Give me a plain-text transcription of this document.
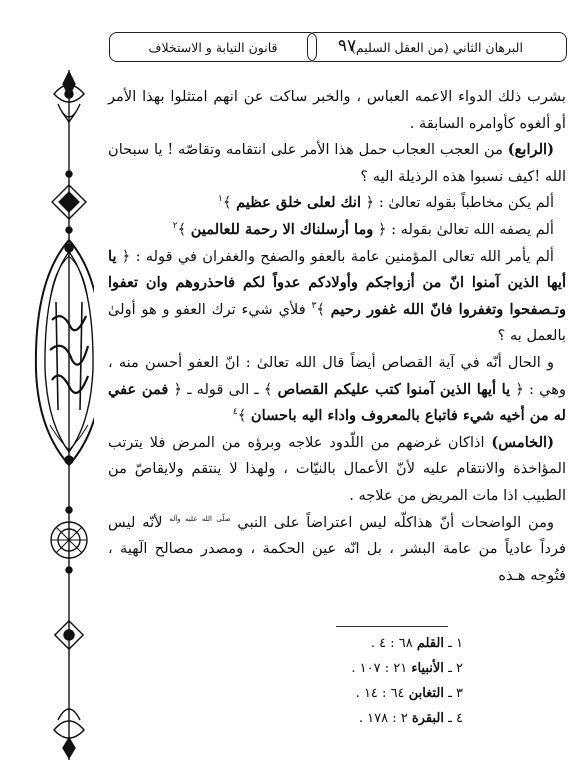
البرهان الثاني (من العقل السليم)
٩٧
قانون النيابة و الاستخلاف

بشرب ذلك الدواء الاعمه العباس ، والخبر ساكت عن انهم امتثلوا بهذا الأمر أو ألغوه كأوامره السابقة .

(الرابع) من العجب العجاب حمل هذا الأمر على انتقامه وتقاصّه ! يا سبحان الله !كيف نسبوا هذه الرذيلة اليه ؟

ألم يكن مخاطباً بقوله تعالىٰ : ﴿ انك لعلى خلق عظيم ﴾$^١$

ألم يصفه الله تعالىٰ بقوله : ﴿ وما أرسلناك الا رحمة للعالمين ﴾$^٢$

ألم يأمر الله تعالى المؤمنين عامة بالعفو والصفح والغفران في قوله : ﴿ يا أيها الذين آمنوا انّ من أزواجكم وأولادكم عدواً لكم فاحذروهم وان تعفوا وتـصفحوا وتغفروا فانّ الله غفور رحيم ﴾$^٣$ فلأي شيء ترك العفو و هو أولىٰ بالعمل به ؟

و الحال أنّه في آية القصاص أيضاً قال الله تعالىٰ : انّ العفو أحسن منه ، وهي : ﴿ يا أيها الذين آمنوا كتب عليكم القصاص ﴾ ـ الى قوله ـ ﴿ فمن عفي له من أخيه شيء فاتباع بالمعروف واداء اليه باحسان ﴾$^٤$

(الخامس) اذاكان غرضهم من اللّدود علاجه وبرؤه من المرض فلا يترتب المؤاخذة والانتقام عليه لأنّ الأعمال بالنيّات ، ولهذا لا ينتقم ولايقاصّ من الطبيب اذا مات المريض من علاجه .

ومن الواضحات أنّ هذاكلّه ليس اعتراضاً على النبي $^{صلّى الله عليه وآله}$ لأنّه ليس فرداً عادياً من عامة البشر ، بل انّه عين الحكمة ، ومصدر مصالح الٓهية ، فتُوجه هـذه

١ ـ القلم ٦٨ : ٤ .
٢ ـ الأنبياء ٢١ : ١٠٧ .
٣ ـ التغابن ٦٤ : ١٤ .
٤ ـ البقرة ٢ : ١٧٨ .
